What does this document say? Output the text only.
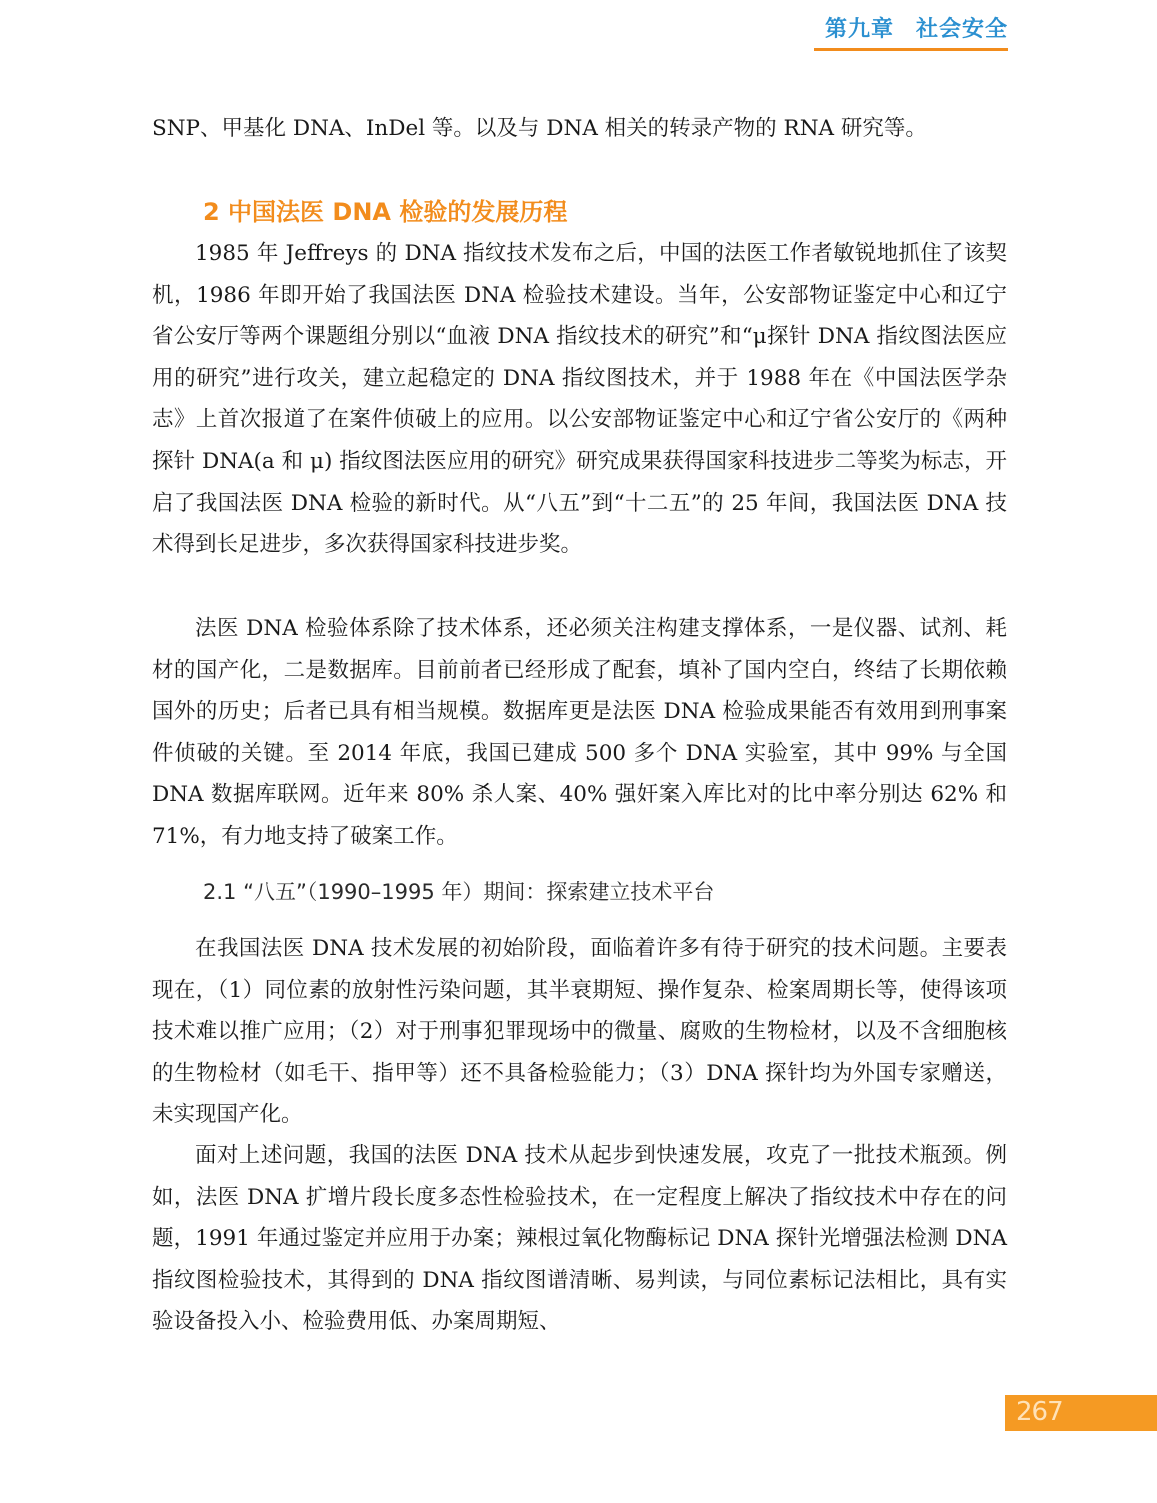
第九章 社会安全

SNP、甲基化 DNA、InDel 等。以及与 DNA 相关的转录产物的 RNA 研究等。

2 中国法医 DNA 检验的发展历程

1985 年 Jeffreys 的 DNA 指纹技术发布之后，中国的法医工作者敏锐地抓住了该契机，1986 年即开始了我国法医 DNA 检验技术建设。当年，公安部物证鉴定中心和辽宁省公安厅等两个课题组分别以“血液 DNA 指纹技术的研究”和“μ探针 DNA 指纹图法医应用的研究”进行攻关，建立起稳定的 DNA 指纹图技术，并于 1988 年在《中国法医学杂志》上首次报道了在案件侦破上的应用。以公安部物证鉴定中心和辽宁省公安厅的《两种探针 DNA(a 和 μ) 指纹图法医应用的研究》研究成果获得国家科技进步二等奖为标志，开启了我国法医 DNA 检验的新时代。从“八五”到“十二五”的 25 年间，我国法医 DNA 技术得到长足进步，多次获得国家科技进步奖。

法医 DNA 检验体系除了技术体系，还必须关注构建支撑体系，一是仪器、试剂、耗材的国产化，二是数据库。目前前者已经形成了配套，填补了国内空白，终结了长期依赖国外的历史；后者已具有相当规模。数据库更是法医 DNA 检验成果能否有效用到刑事案件侦破的关键。至 2014 年底，我国已建成 500 多个 DNA 实验室，其中 99% 与全国 DNA 数据库联网。近年来 80% 杀人案、40% 强奸案入库比对的比中率分别达 62% 和 71%，有力地支持了破案工作。

2.1 “八五”（1990–1995 年）期间：探索建立技术平台

在我国法医 DNA 技术发展的初始阶段，面临着许多有待于研究的技术问题。主要表现在，（1）同位素的放射性污染问题，其半衰期短、操作复杂、检案周期长等，使得该项技术难以推广应用；（2）对于刑事犯罪现场中的微量、腐败的生物检材，以及不含细胞核的生物检材（如毛干、指甲等）还不具备检验能力；（3）DNA 探针均为外国专家赠送，未实现国产化。

面对上述问题，我国的法医 DNA 技术从起步到快速发展，攻克了一批技术瓶颈。例如，法医 DNA 扩增片段长度多态性检验技术，在一定程度上解决了指纹技术中存在的问题，1991 年通过鉴定并应用于办案；辣根过氧化物酶标记 DNA 探针光增强法检测 DNA 指纹图检验技术，其得到的 DNA 指纹图谱清晰、易判读，与同位素标记法相比，具有实验设备投入小、检验费用低、办案周期短、

267
